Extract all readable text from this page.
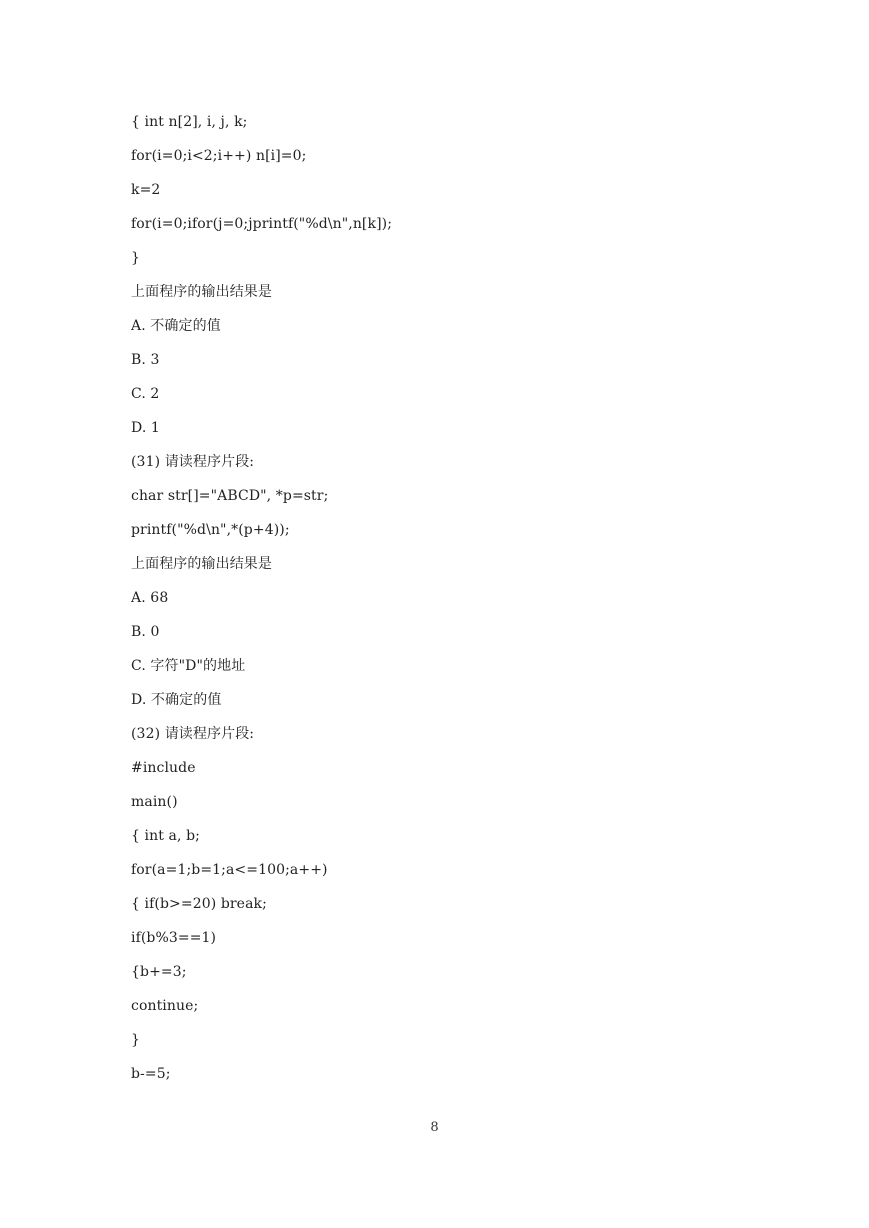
{ int n[2], i, j, k;
for(i=0;i<2;i++) n[i]=0;
k=2
for(i=0;ifor(j=0;jprintf("%d\n",n[k]);
}
上面程序的输出结果是
A. 不确定的值
B. 3
C. 2
D. 1
(31) 请读程序片段:
char str[]="ABCD", *p=str;
printf("%d\n",*(p+4));
上面程序的输出结果是
A. 68
B. 0
C. 字符"D"的地址
D. 不确定的值
(32) 请读程序片段:
#include
main()
{ int a, b;
for(a=1;b=1;a<=100;a++)
{ if(b>=20) break;
if(b%3==1)
{b+=3;
continue;
}
b-=5;
8
